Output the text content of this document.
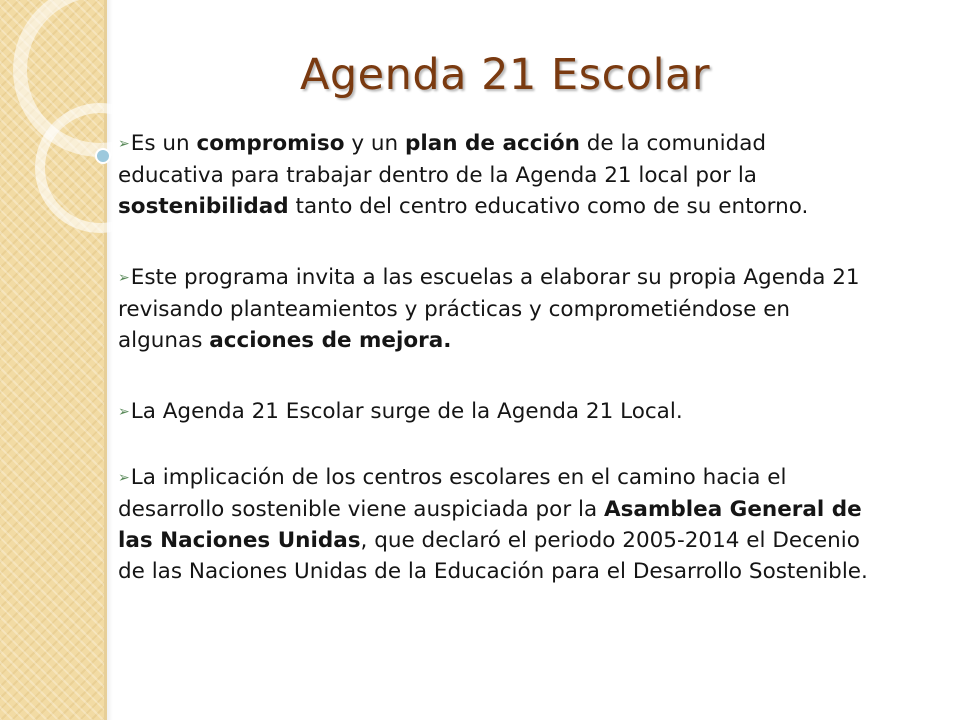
Agenda 21 Escolar
➢Es un compromiso y un plan de acción de la comunidad educativa para trabajar dentro de la Agenda 21 local por la sostenibilidad tanto del centro educativo como de su entorno.
➢Este programa invita a las escuelas a elaborar su propia Agenda 21 revisando planteamientos y prácticas y comprometiéndose en algunas acciones de mejora.
➢La Agenda 21 Escolar surge de la Agenda 21 Local.
➢La implicación de los centros escolares en el camino hacia el desarrollo sostenible viene auspiciada por la Asamblea General de las Naciones Unidas, que declaró el periodo 2005-2014 el Decenio de las Naciones Unidas de la Educación para el Desarrollo Sostenible.
